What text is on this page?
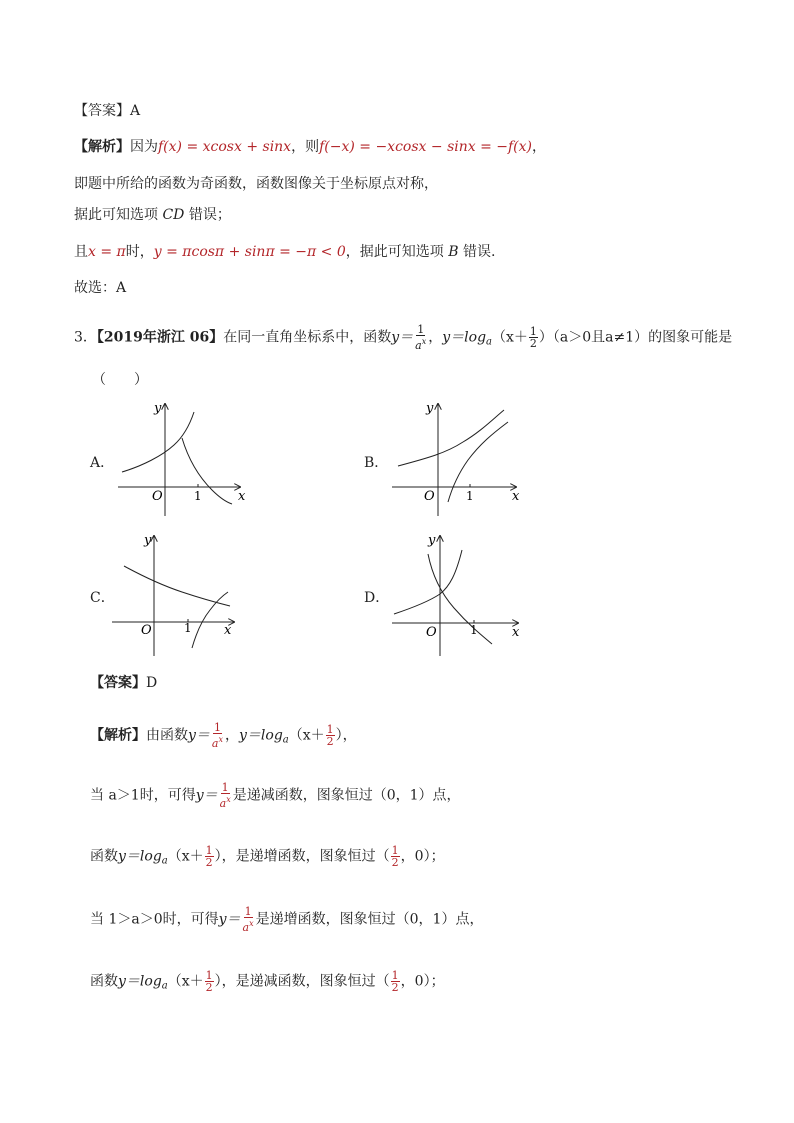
【答案】A
【解析】因为f(x) = xcosx + sinx，则f(−x) = −xcosx − sinx = −f(x)，
即题中所给的函数为奇函数，函数图像关于坐标原点对称，
据此可知选项 CD 错误；
且x = π时，y = πcosπ + sinπ = −π < 0，据此可知选项 B 错误.
故选：A
3．【2019年浙江 06】在同一直角坐标系中，函数$y= \frac{1}{a^x}$ ，$y=\log_a(x+ \frac{1}{2} )(a>0$且a≠1）的图象可能是
（　　）
A．	B．
C．	D．
y
O	1	x
y
O	1	x
y
O	1 x
y
O	1	x
【答案】D
【解析】由函数$y= \frac{1}{a^x}$ ，$y=\log_a(x+ \frac{1}{2}$ ），
当 a＞1时，可得$y= \frac{1}{a^x}$ 是递减函数，图象恒过（0，1）点，
函数$y=\log_a(x+ \frac{1}{2}$ ），是递增函数，图象恒过（ $\frac{1}{2}$ ，0）；
当 1＞a＞0时，可得$y= \frac{1}{a^x}$ 是递增函数，图象恒过（0，1）点，
函数$y=\log_a(x+ \frac{1}{2}$ ），是递减函数，图象恒过（ $\frac{1}{2}$ ，0）；
